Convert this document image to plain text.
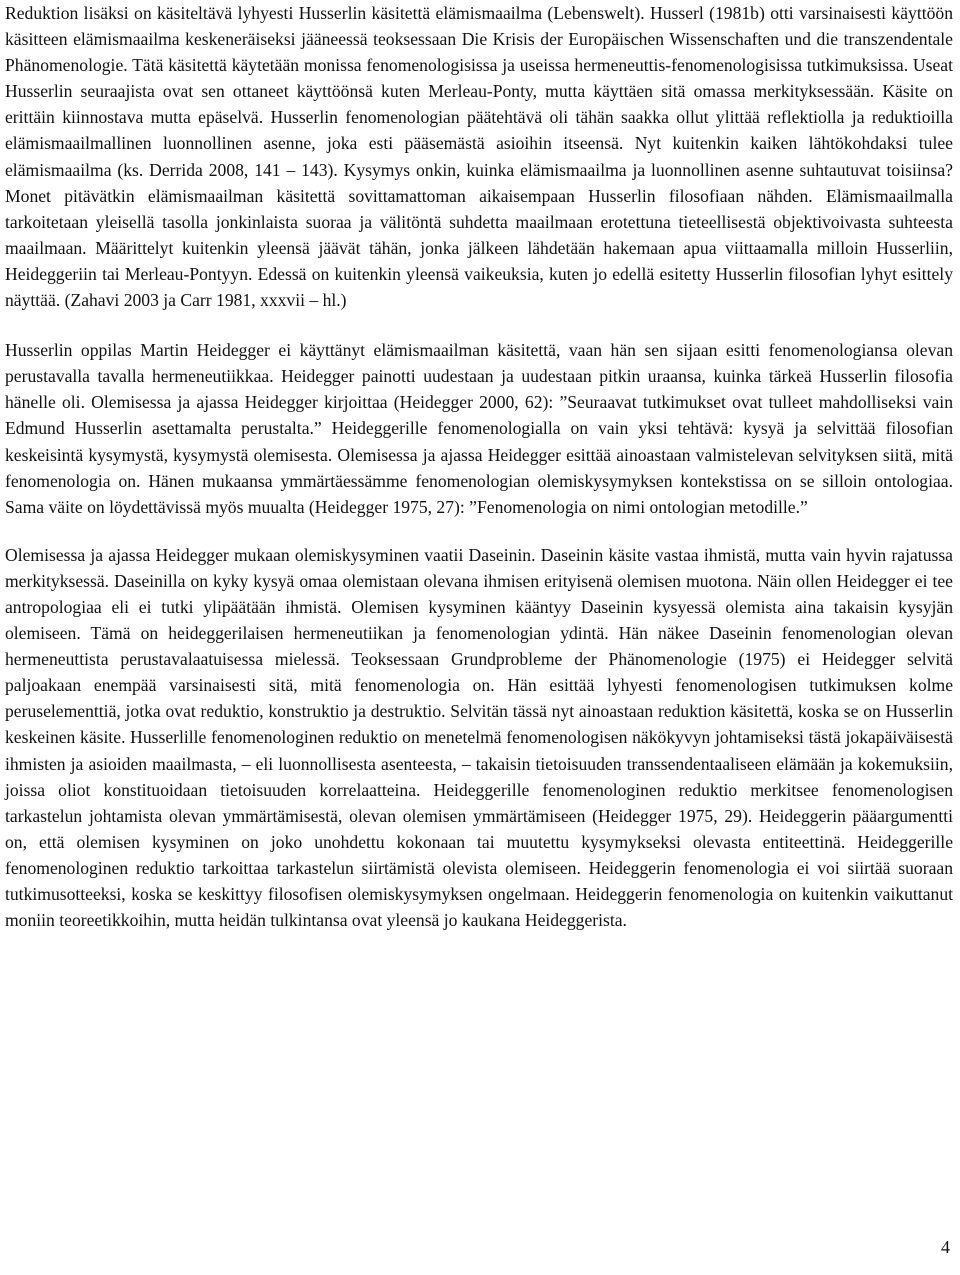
Reduktion lisäksi on käsiteltävä lyhyesti Husserlin käsitettä elämismaailma (Lebenswelt). Husserl (1981b) otti varsinaisesti käyttöön käsitteen elämismaailma keskeneräiseksi jääneessä teoksessaan Die Krisis der Europäischen Wissenschaften und die transzendentale Phänomenologie. Tätä käsitettä käytetään monissa fenomenologisissa ja useissa hermeneuttis-fenomenologisissa tutkimuksissa. Useat Husserlin seuraajista ovat sen ottaneet käyttöönsä kuten Merleau-Ponty, mutta käyttäen sitä omassa merkityksessään. Käsite on erittäin kiinnostava mutta epäselvä. Husserlin fenomenologian päätehtävä oli tähän saakka ollut ylittää reflektiolla ja reduktioilla elämismaailmallinen luonnollinen asenne, joka esti pääsemästä asioihin itseensä. Nyt kuitenkin kaiken lähtökohdaksi tulee elämismaailma (ks. Derrida 2008, 141 – 143). Kysymys onkin, kuinka elämismaailma ja luonnollinen asenne suhtautuvat toisiinsa? Monet pitävätkin elämismaailman käsitettä sovittamattoman aikaisempaan Husserlin filosofiaan nähden. Elämismaailmalla tarkoitetaan yleisellä tasolla jonkinlaista suoraa ja välitöntä suhdetta maailmaan erotettuna tieteellisestä objektivoivasta suhteesta maailmaan. Määrittelyt kuitenkin yleensä jäävät tähän, jonka jälkeen lähdetään hakemaan apua viittaamalla milloin Husserliin, Heideggeriin tai Merleau-Pontyyn. Edessä on kuitenkin yleensä vaikeuksia, kuten jo edellä esitetty Husserlin filosofian lyhyt esittely näyttää. (Zahavi 2003 ja Carr 1981, xxxvii – hl.)

Husserlin oppilas Martin Heidegger ei käyttänyt elämismaailman käsitettä, vaan hän sen sijaan esitti fenomenologiansa olevan perustavalla tavalla hermeneutiikkaa. Heidegger painotti uudestaan ja uudestaan pitkin uraansa, kuinka tärkeä Husserlin filosofia hänelle oli. Olemisessa ja ajassa Heidegger kirjoittaa (Heidegger 2000, 62): ”Seuraavat tutkimukset ovat tulleet mahdolliseksi vain Edmund Husserlin asettamalta perustalta.” Heideggerille fenomenologialla on vain yksi tehtävä: kysyä ja selvittää filosofian keskeisintä kysymystä, kysymystä olemisesta. Olemisessa ja ajassa Heidegger esittää ainoastaan valmistelevan selvityksen siitä, mitä fenomenologia on. Hänen mukaansa ymmärtäessämme fenomenologian olemiskysymyksen kontekstissa on se silloin ontologiaa. Sama väite on löydettävissä myös muualta (Heidegger 1975, 27): ”Fenomenologia on nimi ontologian metodille.”

Olemisessa ja ajassa Heidegger mukaan olemiskysyminen vaatii Daseinin. Daseinin käsite vastaa ihmistä, mutta vain hyvin rajatussa merkityksessä. Daseinilla on kyky kysyä omaa olemistaan olevana ihmisen erityisenä olemisen muotona. Näin ollen Heidegger ei tee antropologiaa eli ei tutki ylipäätään ihmistä. Olemisen kysyminen kääntyy Daseinin kysyessä olemista aina takaisin kysyjän olemiseen. Tämä on heideggerilaisen hermeneutiikan ja fenomenologian ydintä. Hän näkee Daseinin fenomenologian olevan hermeneuttista perustavalaatuisessa mielessä. Teoksessaan Grundprobleme der Phänomenologie (1975) ei Heidegger selvitä paljoakaan enempää varsinaisesti sitä, mitä fenomenologia on. Hän esittää lyhyesti fenomenologisen tutkimuksen kolme peruselementtiä, jotka ovat reduktio, konstruktio ja destruktio. Selvitän tässä nyt ainoastaan reduktion käsitettä, koska se on Husserlin keskeinen käsite. Husserlille fenomenologinen reduktio on menetelmä fenomenologisen näkökyvyn johtamiseksi tästä jokapäiväisestä ihmisten ja asioiden maailmasta, – eli luonnollisesta asenteesta, – takaisin tietoisuuden transsendentaaliseen elämään ja kokemuksiin, joissa oliot konstituoidaan tietoisuuden korrelaatteina. Heideggerille fenomenologinen reduktio merkitsee fenomenologisen tarkastelun johtamista olevan ymmärtämisestä, olevan olemisen ymmärtämiseen (Heidegger 1975, 29). Heideggerin pääargumentti on, että olemisen kysyminen on joko unohdettu kokonaan tai muutettu kysymykseksi olevasta entiteettinä. Heideggerille fenomenologinen reduktio tarkoittaa tarkastelun siirtämistä olevista olemiseen. Heideggerin fenomenologia ei voi siirtää suoraan tutkimusotteeksi, koska se keskittyy filosofisen olemiskysymyksen ongelmaan. Heideggerin fenomenologia on kuitenkin vaikuttanut moniin teoreetikkoihin, mutta heidän tulkintansa ovat yleensä jo kaukana Heideggerista.

4
